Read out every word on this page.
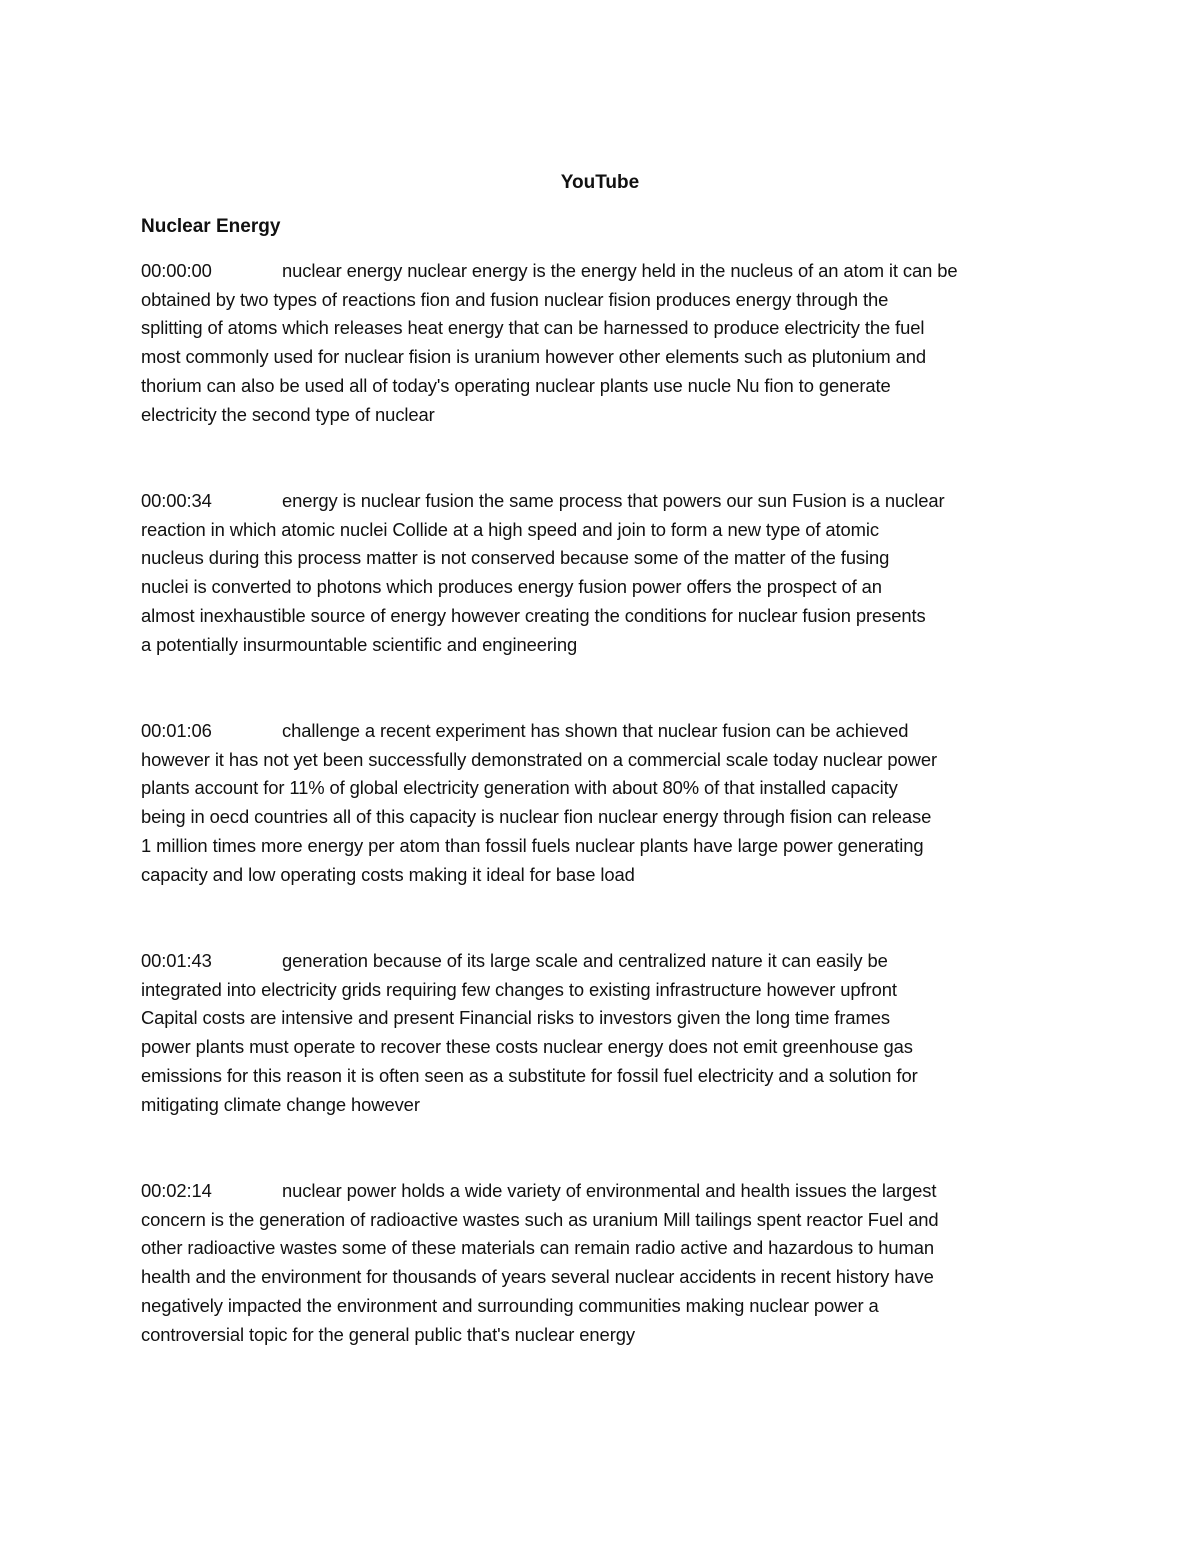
YouTube
Nuclear Energy
00:00:00	nuclear energy nuclear energy is the energy held in the nucleus of an atom it can be
obtained by two types of reactions fion and fusion nuclear fision produces energy through the
splitting of atoms which releases heat energy that can be harnessed to produce electricity the fuel
most commonly used for nuclear fision is uranium however other elements such as plutonium and
thorium can also be used all of today's operating nuclear plants use nucle Nu fion to generate
electricity the second type of nuclear
00:00:34	energy is nuclear fusion the same process that powers our sun Fusion is a nuclear
reaction in which atomic nuclei Collide at a high speed and join to form a new type of atomic
nucleus during this process matter is not conserved because some of the matter of the fusing
nuclei is converted to photons which produces energy fusion power offers the prospect of an
almost inexhaustible source of energy however creating the conditions for nuclear fusion presents
a potentially insurmountable scientific and engineering
00:01:06	challenge a recent experiment has shown that nuclear fusion can be achieved
however it has not yet been successfully demonstrated on a commercial scale today nuclear power
plants account for 11% of global electricity generation with about 80% of that installed capacity
being in oecd countries all of this capacity is nuclear fion nuclear energy through fision can release
1 million times more energy per atom than fossil fuels nuclear plants have large power generating
capacity and low operating costs making it ideal for base load
00:01:43	generation because of its large scale and centralized nature it can easily be
integrated into electricity grids requiring few changes to existing infrastructure however upfront
Capital costs are intensive and present Financial risks to investors given the long time frames
power plants must operate to recover these costs nuclear energy does not emit greenhouse gas
emissions for this reason it is often seen as a substitute for fossil fuel electricity and a solution for
mitigating climate change however
00:02:14	nuclear power holds a wide variety of environmental and health issues the largest
concern is the generation of radioactive wastes such as uranium Mill tailings spent reactor Fuel and
other radioactive wastes some of these materials can remain radio active and hazardous to human
health and the environment for thousands of years several nuclear accidents in recent history have
negatively impacted the environment and surrounding communities making nuclear power a
controversial topic for the general public that's nuclear energy
